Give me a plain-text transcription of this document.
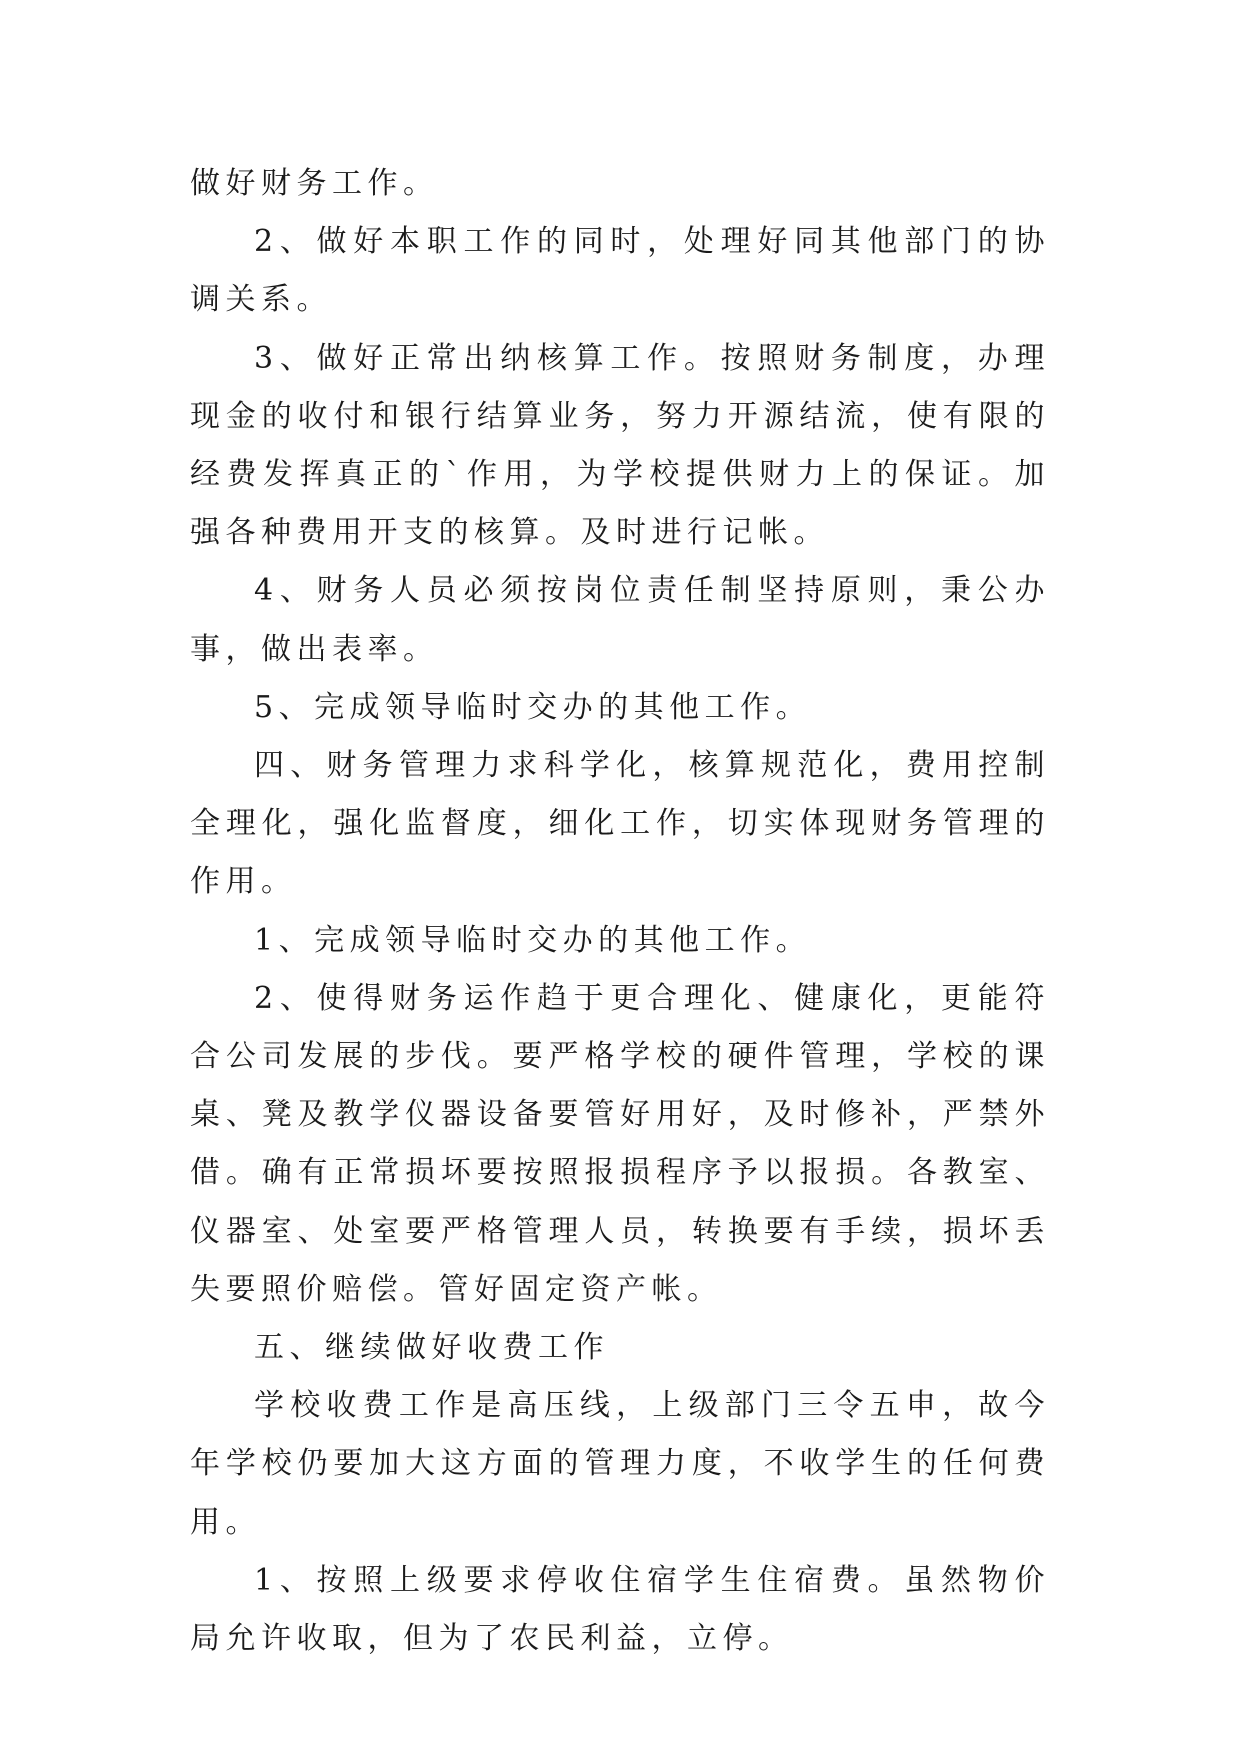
做好财务工作。

2、做好本职工作的同时，处理好同其他部门的协调关系。

3、做好正常出纳核算工作。按照财务制度，办理现金的收付和银行结算业务，努力开源结流，使有限的经费发挥真正的`作用，为学校提供财力上的保证。加强各种费用开支的核算。及时进行记帐。

4、财务人员必须按岗位责任制坚持原则，秉公办事，做出表率。

5、完成领导临时交办的其他工作。

四、财务管理力求科学化，核算规范化，费用控制全理化，强化监督度，细化工作，切实体现财务管理的作用。

1、完成领导临时交办的其他工作。

2、使得财务运作趋于更合理化、健康化，更能符合公司发展的步伐。要严格学校的硬件管理，学校的课桌、凳及教学仪器设备要管好用好，及时修补，严禁外借。确有正常损坏要按照报损程序予以报损。各教室、仪器室、处室要严格管理人员，转换要有手续，损坏丢失要照价赔偿。管好固定资产帐。

五、继续做好收费工作

学校收费工作是高压线，上级部门三令五申，故今年学校仍要加大这方面的管理力度，不收学生的任何费用。

1、按照上级要求停收住宿学生住宿费。虽然物价局允许收取，但为了农民利益，立停。
